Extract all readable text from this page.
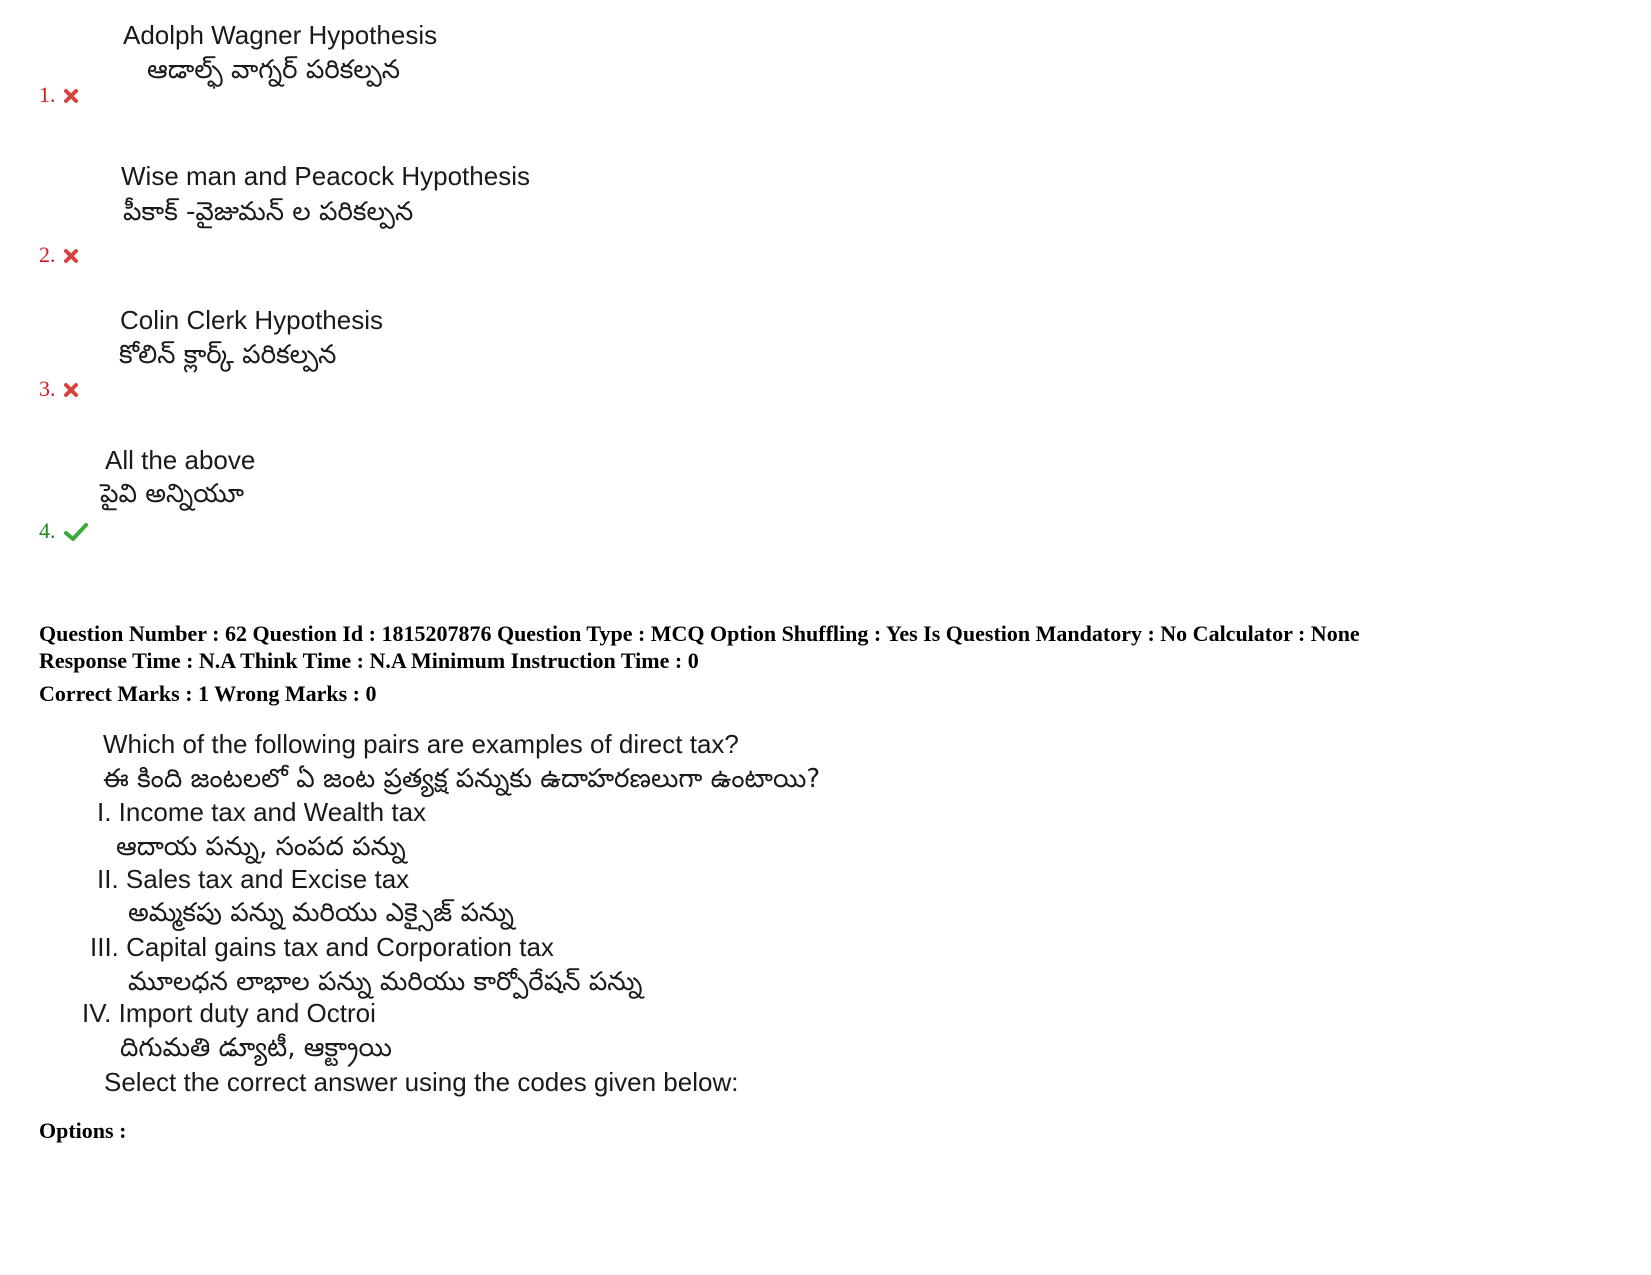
Adolph Wagner Hypothesis
ఆడాల్ఫ్ వాగ్నర్ పరికల్పన
1.
Wise man and Peacock Hypothesis
పీకాక్ -వైజుమన్ ల పరికల్పన
2.
Colin Clerk Hypothesis
కోలిన్ క్లార్క్ పరికల్పన
3.
All the above
పైవి అన్నియూ
4.
Question Number : 62 Question Id : 1815207876 Question Type : MCQ Option Shuffling : Yes Is Question Mandatory : No Calculator : None
Response Time : N.A Think Time : N.A Minimum Instruction Time : 0
Correct Marks : 1 Wrong Marks : 0
Which of the following pairs are examples of direct tax?
ఈ కింది జంటలలో ఏ జంట ప్రత్యక్ష పన్నుకు ఉదాహరణలుగా ఉంటాయి?
I. Income tax and Wealth tax
ఆదాయ పన్ను, సంపద పన్ను
II. Sales tax and Excise tax
అమ్మకపు పన్ను మరియు ఎక్సైజ్ పన్ను
III. Capital gains tax and Corporation tax
మూలధన లాభాల పన్ను మరియు కార్పోరేషన్ పన్ను
IV. Import duty and Octroi
దిగుమతి డ్యూటీ, ఆక్ట్రాయి
Select the correct answer using the codes given below:
Options :
